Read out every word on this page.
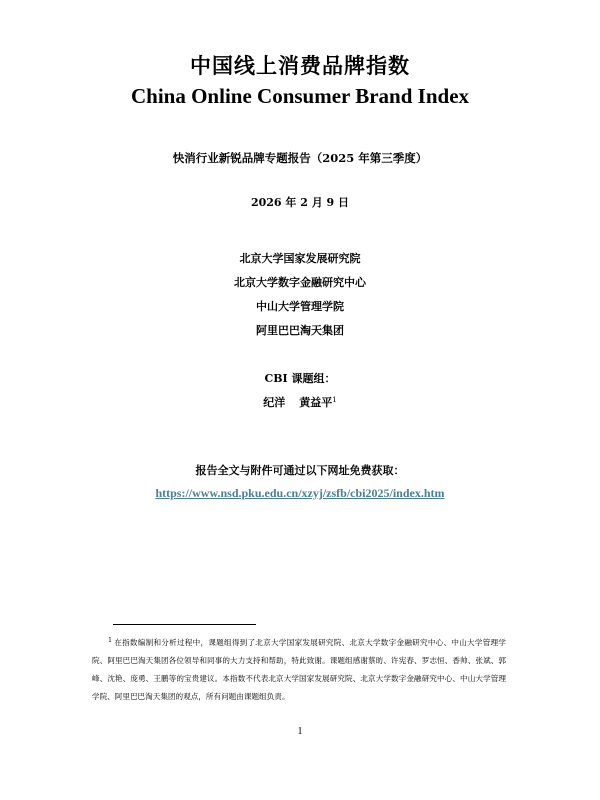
中国线上消费品牌指数
China Online Consumer Brand Index
快消行业新锐品牌专题报告（2025 年第三季度）
2026 年 2 月 9 日
北京大学国家发展研究院
北京大学数字金融研究中心
中山大学管理学院
阿里巴巴淘天集团
CBI 课题组：
纪洋 黄益平$^1$
报告全文与附件可通过以下网址免费获取：
https://www.nsd.pku.edu.cn/xzyj/zsfb/cbi2025/index.htm
1 在指数编制和分析过程中，课题组得到了北京大学国家发展研究院、北京大学数字金融研究中心、中山大学管理学院、阿里巴巴淘天集团各位领导和同事的大力支持和帮助，特此致谢。课题组感谢蔡昉、许宪春、罗志恒、香帅、张斌、郭峰、沈艳、庞勇、王鹏等的宝贵建议。本指数不代表北京大学国家发展研究院、北京大学数字金融研究中心、中山大学管理学院、阿里巴巴淘天集团的观点，所有问题由课题组负责。
1
